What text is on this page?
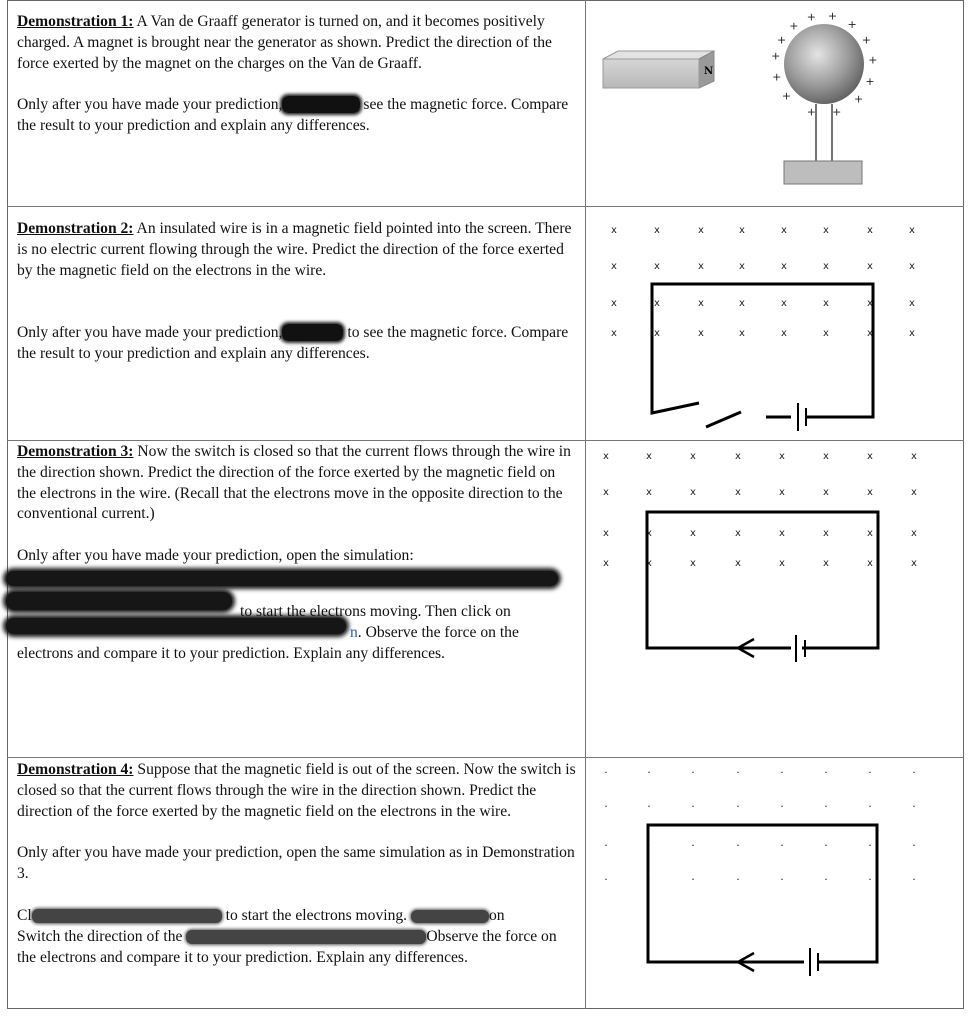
Demonstration 1: A Van de Graaff generator is turned on, and it becomes positively charged. A magnet is brought near the generator as shown. Predict the direction of the force exerted by the magnet on the charges on the Van de Graaff.

Only after you have made your prediction,click here to see the magnetic force. Compare the result to your prediction and explain any differences.

Demonstration 2: An insulated wire is in a magnetic field pointed into the screen. There is no electric current flowing through the wire. Predict the direction of the force exerted by the magnetic field on the electrons in the wire.

Only after you have made your prediction,click here to see the magnetic force. Compare the result to your prediction and explain any differences.

Demonstration 3: Now the switch is closed so that the current flows through the wire in the direction shown. Predict the direction of the force exerted by the magnetic field on the electrons in the wire. (Recall that the electrons move in the opposite direction to the conventional current.)

Only after you have made your prediction, open the simulation:

to start the electrons moving. Then click on
n. Observe the force on the
electrons and compare it to your prediction. Explain any differences.

Demonstration 4: Suppose that the magnetic field is out of the screen. Now the switch is closed so that the current flows through the wire in the direction shown. Predict the direction of the force exerted by the magnetic field on the electrons in the wire.

Only after you have made your prediction, open the same simulation as in Demonstration 3.

Cl	to start the electrons moving.	on
Switch the direction of the	Observe the force on the electrons and compare it to your prediction. Explain any differences.
N
+
+
+ +
+
+
+
+
+
+
+
+
+
+
x	x	x	x	x	x	x	x
x	x	x	x	x	x	x	x
x	x	x	x	x	x	x	x
x	x	x	x	x	x	x	x
x	x	x	x	x	x	x	x
x	x	x	x	x	x	x	x
x	x	x	x	x	x	x	x
x	x	x	x	x	x	x	x
·	·	·	·	·	·	·	·
·	·	·	·	·	·	·	·
·	·	·	·	·	·	·	·
·	·	·	·	·	·	·	·
